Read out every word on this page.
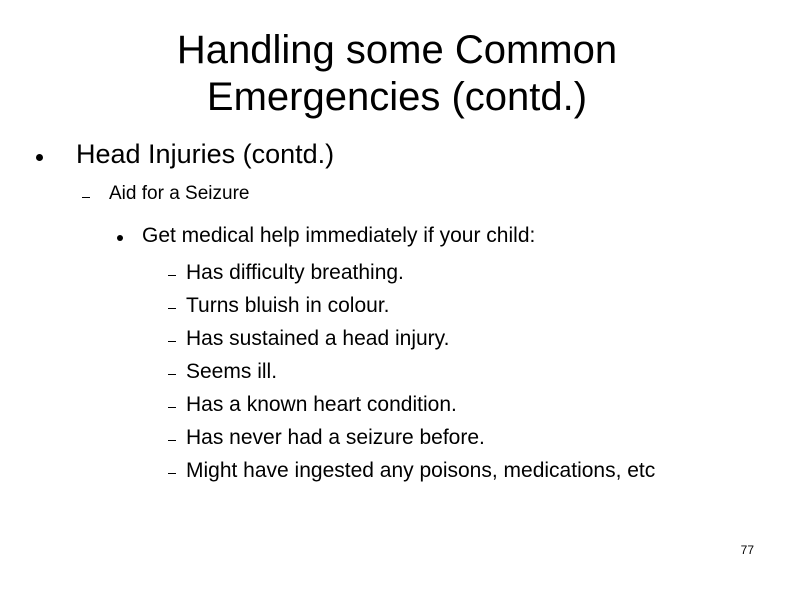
Handling some Common
Emergencies (contd.)
Head Injuries (contd.)
Aid for a Seizure
Get medical help immediately if your child:
Has difficulty breathing.
Turns bluish in colour.
Has sustained a head injury.
Seems ill.
Has a known heart condition.
Has never had a seizure before.
Might have ingested any poisons, medications, etc
77
